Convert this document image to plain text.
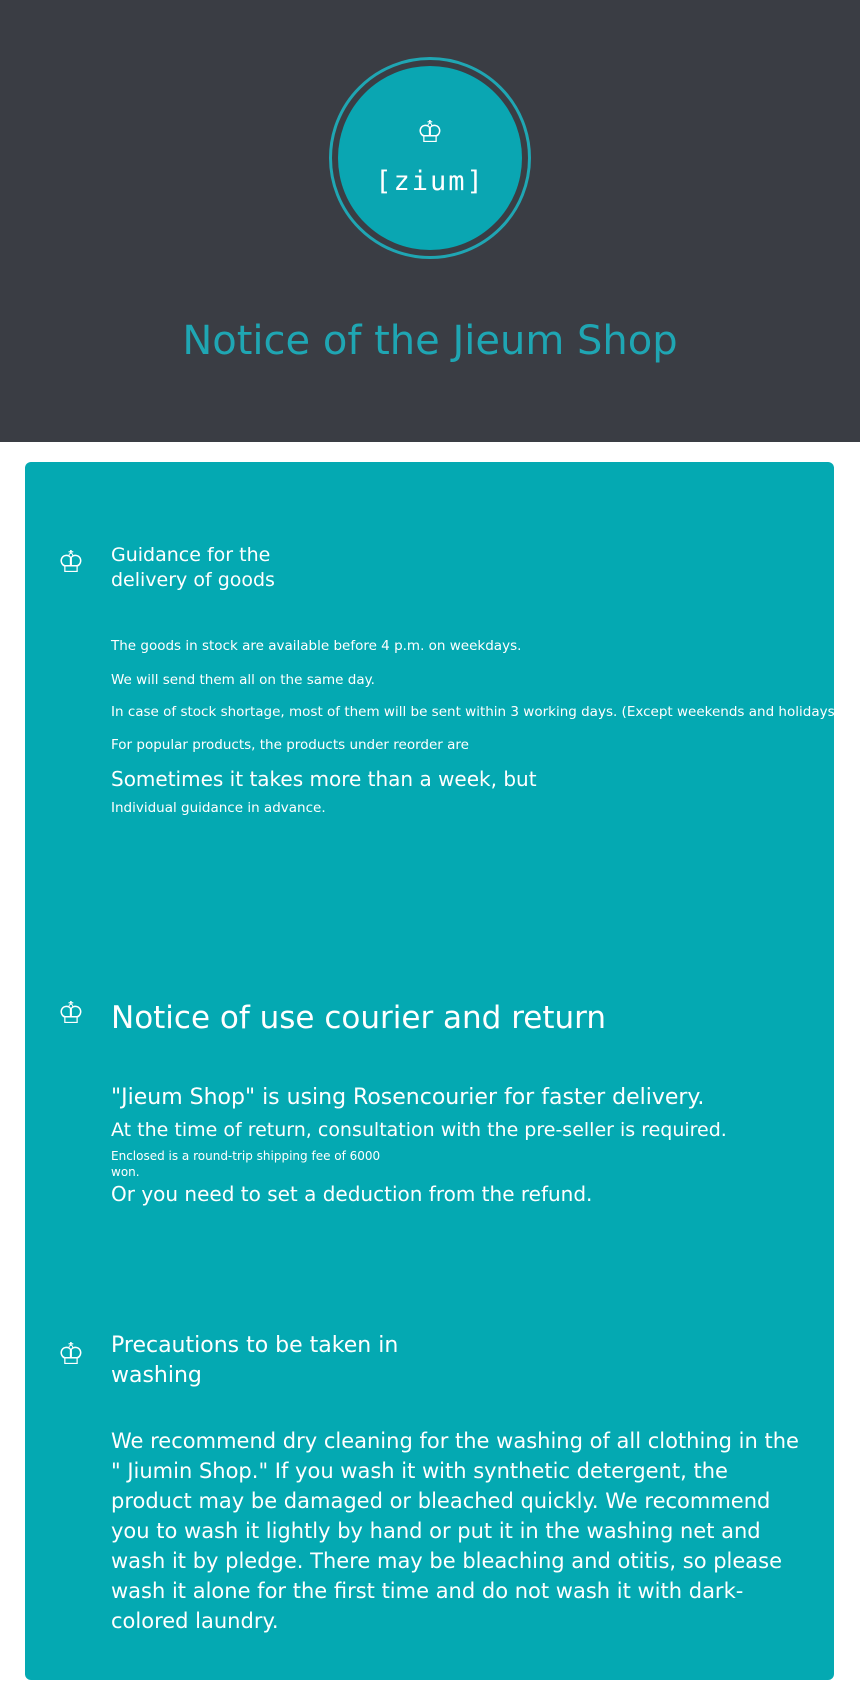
♔
[zium]
Notice of the Jieum Shop
♔ Guidance for the
delivery of goods
The goods in stock are available before 4 p.m. on weekdays.
We will send them all on the same day.
In case of stock shortage, most of them will be sent within 3 working days. (Except weekends and holidays)
For popular products, the products under reorder are
Sometimes it takes more than a week, but
Individual guidance in advance.
♔ Notice of use courier and return
"Jieum Shop" is using Rosencourier for faster delivery.
At the time of return, consultation with the pre-seller is required.
Enclosed is a round-trip shipping fee of 6000
won.
Or you need to set a deduction from the refund.
♔ Precautions to be taken in
washing
We recommend dry cleaning for the washing of all clothing in the " Jiumin Shop." If you wash it with synthetic detergent, the product may be damaged or bleached quickly. We recommend you to wash it lightly by hand or put it in the washing net and wash it by pledge. There may be bleaching and otitis, so please wash it alone for the first time and do not wash it with dark-colored laundry.
